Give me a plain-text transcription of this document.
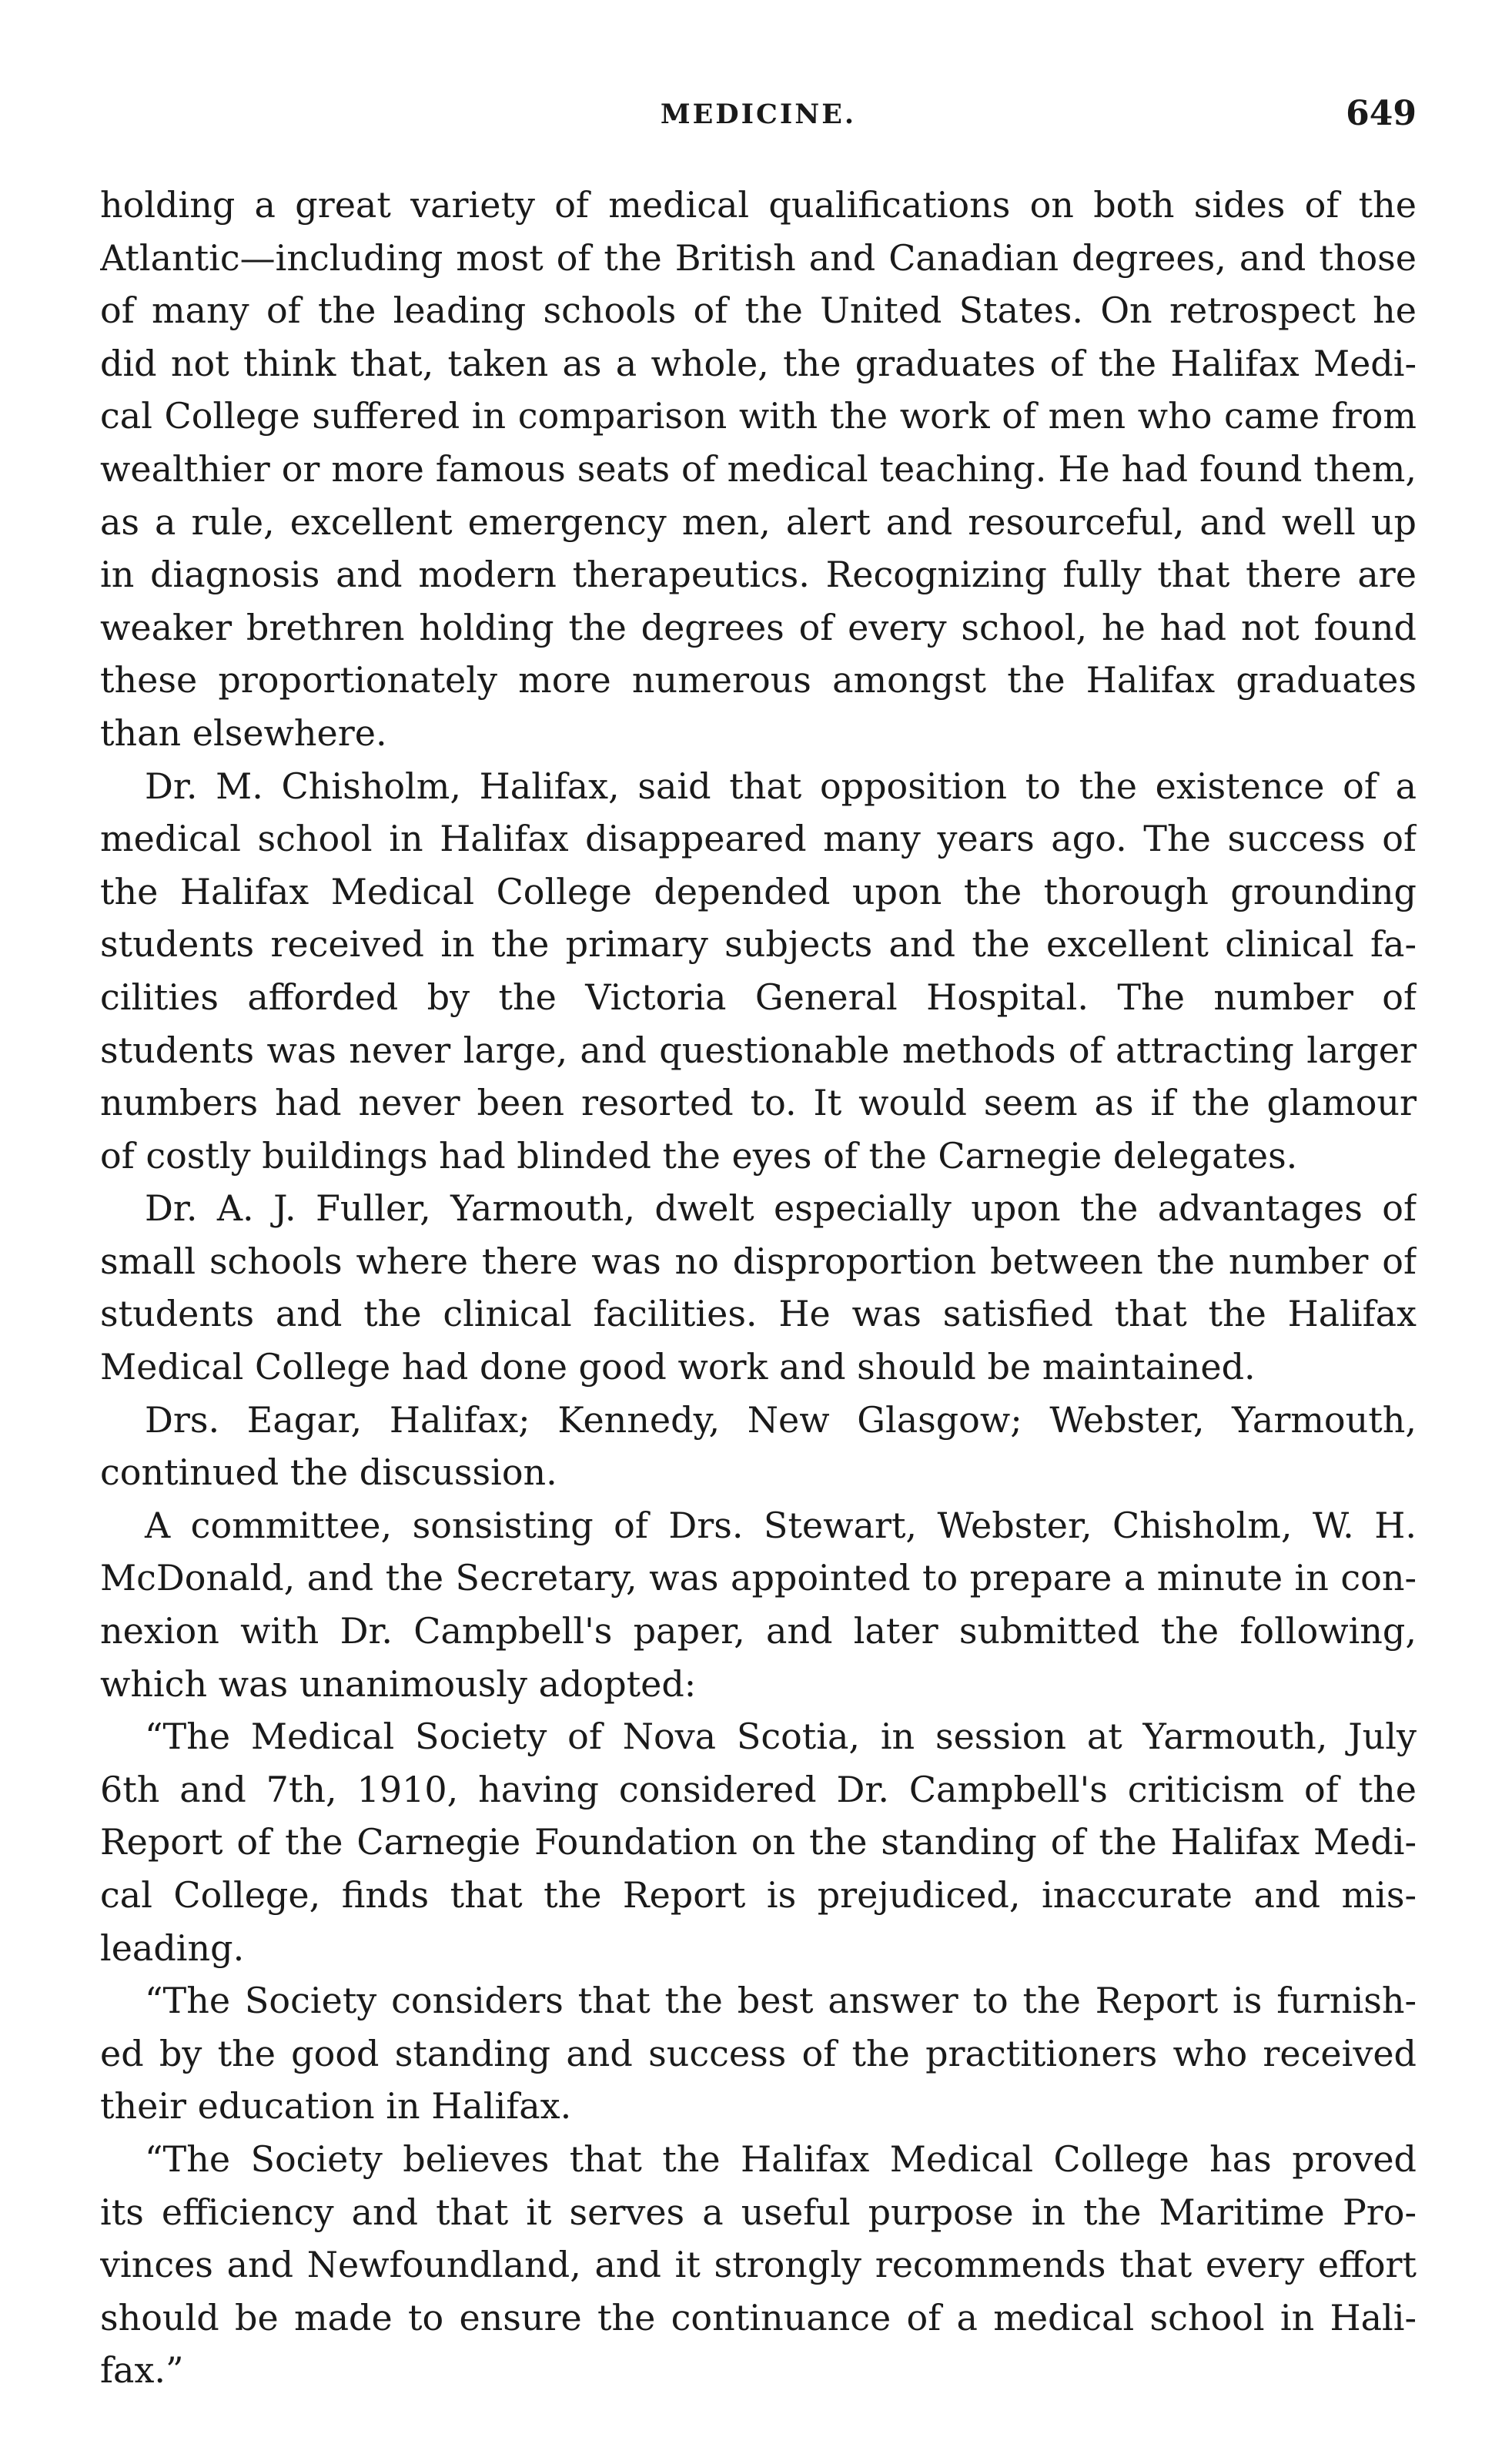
MEDICINE.	649
holding a great variety of medical qualifications on both sides of the
Atlantic—including most of the British and Canadian degrees, and those
of many of the leading schools of the United States. On retrospect he
did not think that, taken as a whole, the graduates of the Halifax Medi-
cal College suffered in comparison with the work of men who came from
wealthier or more famous seats of medical teaching. He had found them,
as a rule, excellent emergency men, alert and resourceful, and well up
in diagnosis and modern therapeutics. Recognizing fully that there are
weaker brethren holding the degrees of every school, he had not found
these proportionately more numerous amongst the Halifax graduates
than elsewhere.
Dr. M. Chisholm, Halifax, said that opposition to the existence of a
medical school in Halifax disappeared many years ago. The success of
the Halifax Medical College depended upon the thorough grounding
students received in the primary subjects and the excellent clinical fa-
cilities afforded by the Victoria General Hospital. The number of
students was never large, and questionable methods of attracting larger
numbers had never been resorted to. It would seem as if the glamour
of costly buildings had blinded the eyes of the Carnegie delegates.
Dr. A. J. Fuller, Yarmouth, dwelt especially upon the advantages of
small schools where there was no disproportion between the number of
students and the clinical facilities. He was satisfied that the Halifax
Medical College had done good work and should be maintained.
Drs. Eagar, Halifax; Kennedy, New Glasgow; Webster, Yarmouth,
continued the discussion.
A committee, sonsisting of Drs. Stewart, Webster, Chisholm, W. H.
McDonald, and the Secretary, was appointed to prepare a minute in con-
nexion with Dr. Campbell's paper, and later submitted the following,
which was unanimously adopted:
“The Medical Society of Nova Scotia, in session at Yarmouth, July
6th and 7th, 1910, having considered Dr. Campbell's criticism of the
Report of the Carnegie Foundation on the standing of the Halifax Medi-
cal College, finds that the Report is prejudiced, inaccurate and mis-
leading.
“The Society considers that the best answer to the Report is furnish-
ed by the good standing and success of the practitioners who received
their education in Halifax.
“The Society believes that the Halifax Medical College has proved
its efficiency and that it serves a useful purpose in the Maritime Pro-
vinces and Newfoundland, and it strongly recommends that every effort
should be made to ensure the continuance of a medical school in Hali-
fax.”
